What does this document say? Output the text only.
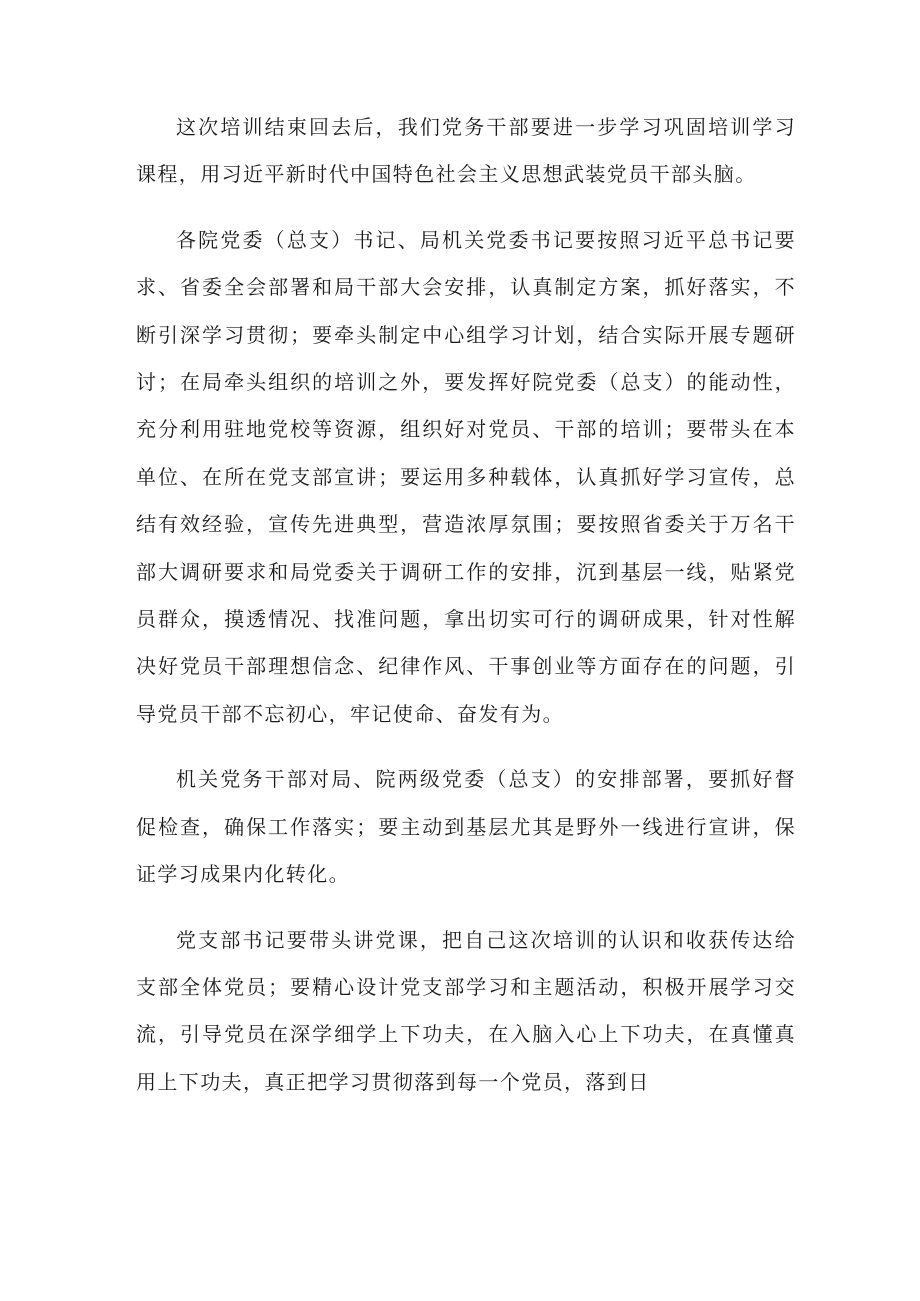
这次培训结束回去后，我们党务干部要进一步学习巩固培训学习课程，用习近平新时代中国特色社会主义思想武装党员干部头脑。

各院党委（总支）书记、局机关党委书记要按照习近平总书记要求、省委全会部署和局干部大会安排，认真制定方案，抓好落实，不断引深学习贯彻；要牵头制定中心组学习计划，结合实际开展专题研讨；在局牵头组织的培训之外，要发挥好院党委（总支）的能动性，充分利用驻地党校等资源，组织好对党员、干部的培训；要带头在本单位、在所在党支部宣讲；要运用多种载体，认真抓好学习宣传，总结有效经验，宣传先进典型，营造浓厚氛围；要按照省委关于万名干部大调研要求和局党委关于调研工作的安排，沉到基层一线，贴紧党员群众，摸透情况、找准问题，拿出切实可行的调研成果，针对性解决好党员干部理想信念、纪律作风、干事创业等方面存在的问题，引导党员干部不忘初心，牢记使命、奋发有为。

机关党务干部对局、院两级党委（总支）的安排部署，要抓好督促检查，确保工作落实；要主动到基层尤其是野外一线进行宣讲，保证学习成果内化转化。

党支部书记要带头讲党课，把自己这次培训的认识和收获传达给支部全体党员；要精心设计党支部学习和主题活动，积极开展学习交流，引导党员在深学细学上下功夫，在入脑入心上下功夫，在真懂真用上下功夫，真正把学习贯彻落到每一个党员，落到日
